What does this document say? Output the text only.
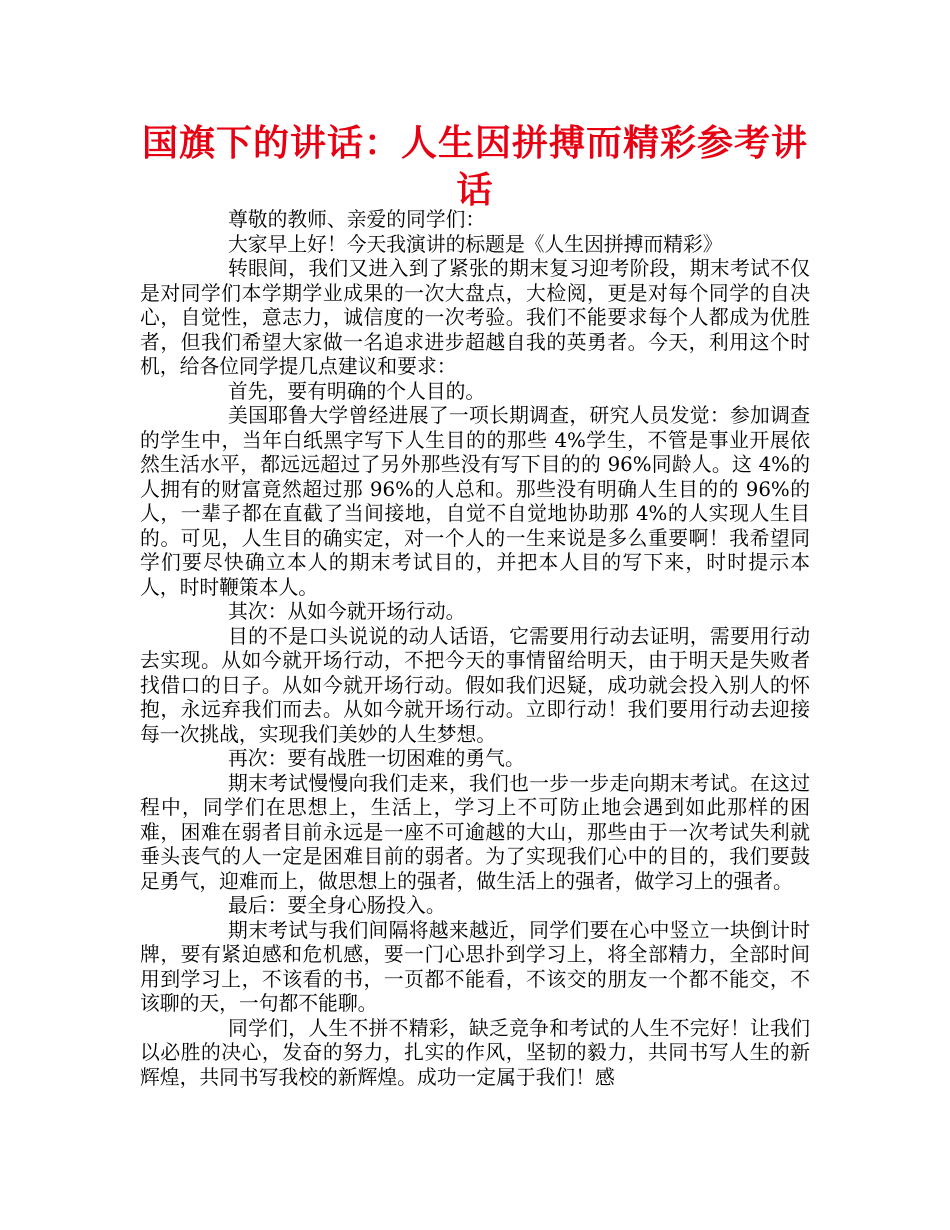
国旗下的讲话：人生因拼搏而精彩参考讲话

尊敬的教师、亲爱的同学们：

大家早上好！今天我演讲的标题是《人生因拼搏而精彩》

转眼间，我们又进入到了紧张的期末复习迎考阶段，期末考试不仅是对同学们本学期学业成果的一次大盘点，大检阅，更是对每个同学的自决心，自觉性，意志力，诚信度的一次考验。我们不能要求每个人都成为优胜者，但我们希望大家做一名追求进步超越自我的英勇者。今天，利用这个时机，给各位同学提几点建议和要求：

首先，要有明确的个人目的。

美国耶鲁大学曾经进展了一项长期调查，研究人员发觉：参加调查的学生中，当年白纸黑字写下人生目的的那些 4%学生，不管是事业开展依然生活水平，都远远超过了另外那些没有写下目的的 96%同龄人。这 4%的人拥有的财富竟然超过那 96%的人总和。那些没有明确人生目的的 96%的人，一辈子都在直截了当间接地，自觉不自觉地协助那 4%的人实现人生目的。可见，人生目的确实定，对一个人的一生来说是多么重要啊！我希望同学们要尽快确立本人的期末考试目的，并把本人目的写下来，时时提示本人，时时鞭策本人。

其次：从如今就开场行动。

目的不是口头说说的动人话语，它需要用行动去证明，需要用行动去实现。从如今就开场行动，不把今天的事情留给明天，由于明天是失败者找借口的日子。从如今就开场行动。假如我们迟疑，成功就会投入别人的怀抱，永远弃我们而去。从如今就开场行动。立即行动！我们要用行动去迎接每一次挑战，实现我们美妙的人生梦想。

再次：要有战胜一切困难的勇气。

期末考试慢慢向我们走来，我们也一步一步走向期末考试。在这过程中，同学们在思想上，生活上，学习上不可防止地会遇到如此那样的困难，困难在弱者目前永远是一座不可逾越的大山，那些由于一次考试失利就垂头丧气的人一定是困难目前的弱者。为了实现我们心中的目的，我们要鼓足勇气，迎难而上，做思想上的强者，做生活上的强者，做学习上的强者。

最后：要全身心肠投入。

期末考试与我们间隔将越来越近，同学们要在心中竖立一块倒计时牌，要有紧迫感和危机感，要一门心思扑到学习上，将全部精力，全部时间用到学习上，不该看的书，一页都不能看，不该交的朋友一个都不能交，不该聊的天，一句都不能聊。

同学们，人生不拼不精彩，缺乏竞争和考试的人生不完好！让我们以必胜的决心，发奋的努力，扎实的作风，坚韧的毅力，共同书写人生的新辉煌，共同书写我校的新辉煌。成功一定属于我们！感
